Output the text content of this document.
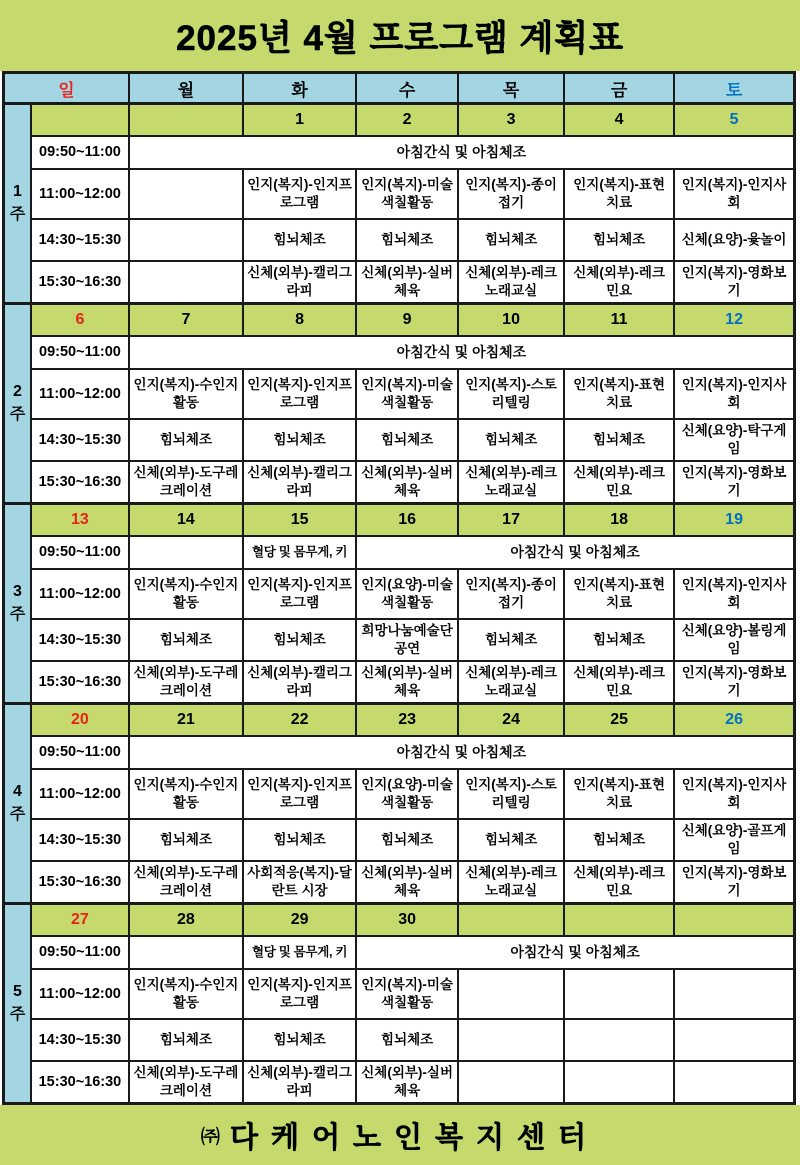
2025년 4월 프로그램 계획표
일		월	화	수	목	금	토
1주			1	2	3	4	5
	09:50~11:00	아침간식 및 아침체조					
	11:00~12:00		인지(복지)-인지프로그램	인지(복지)-미술색칠활동	인지(복지)-종이접기	인지(복지)-표현치료	인지(복지)-인지사회
	14:30~15:30		힘뇌체조	힘뇌체조	힘뇌체조	힘뇌체조	신체(요양)-윷놀이
	15:30~16:30		신체(외부)-캘리그라피	신체(외부)-실버체육	신체(외부)-레크노래교실	신체(외부)-레크민요	인지(복지)-영화보기
2주	6	7	8	9	10	11	12
	09:50~11:00	아침간식 및 아침체조					
	11:00~12:00	인지(복지)-수인지활동	인지(복지)-인지프로그램	인지(복지)-미술색칠활동	인지(복지)-스토리텔링	인지(복지)-표현치료	인지(복지)-인지사회
	14:30~15:30	힘뇌체조	힘뇌체조	힘뇌체조	힘뇌체조	힘뇌체조	신체(요양)-탁구게임
	15:30~16:30	신체(외부)-도구레크레이션	신체(외부)-캘리그라피	신체(외부)-실버체육	신체(외부)-레크노래교실	신체(외부)-레크민요	인지(복지)-영화보기
3주	13	14	15	16	17	18	19
	09:50~11:00		혈당 및 몸무게, 키	아침간식 및 아침체조			
	11:00~12:00	인지(복지)-수인지활동	인지(복지)-인지프로그램	인지(요양)-미술색칠활동	인지(복지)-종이접기	인지(복지)-표현치료	인지(복지)-인지사회
	14:30~15:30	힘뇌체조	힘뇌체조	희망나눔예술단 공연	힘뇌체조	힘뇌체조	신체(요양)-볼링게임
	15:30~16:30	신체(외부)-도구레크레이션	신체(외부)-캘리그라피	신체(외부)-실버체육	신체(외부)-레크노래교실	신체(외부)-레크민요	인지(복지)-영화보기
4주	20	21	22	23	24	25	26
	09:50~11:00	아침간식 및 아침체조					
	11:00~12:00	인지(복지)-수인지활동	인지(복지)-인지프로그램	인지(요양)-미술색칠활동	인지(복지)-스토리텔링	인지(복지)-표현치료	인지(복지)-인지사회
	14:30~15:30	힘뇌체조	힘뇌체조	힘뇌체조	힘뇌체조	힘뇌체조	신체(요양)-골프게임
	15:30~16:30	신체(외부)-도구레크레이션	사회적응(복지)-달란트 시장	신체(외부)-실버체육	신체(외부)-레크노래교실	신체(외부)-레크민요	인지(복지)-영화보기
5주	27	28	29	30			
	09:50~11:00		혈당 및 몸무게, 키	아침간식 및 아침체조			
	11:00~12:00	인지(복지)-수인지활동	인지(복지)-인지프로그램	인지(복지)-미술색칠활동			
	14:30~15:30	힘뇌체조	힘뇌체조	힘뇌체조			
	15:30~16:30	신체(외부)-도구레크레이션	신체(외부)-캘리그라피	신체(외부)-실버체육			
㈜ 다케어노인복지센터
